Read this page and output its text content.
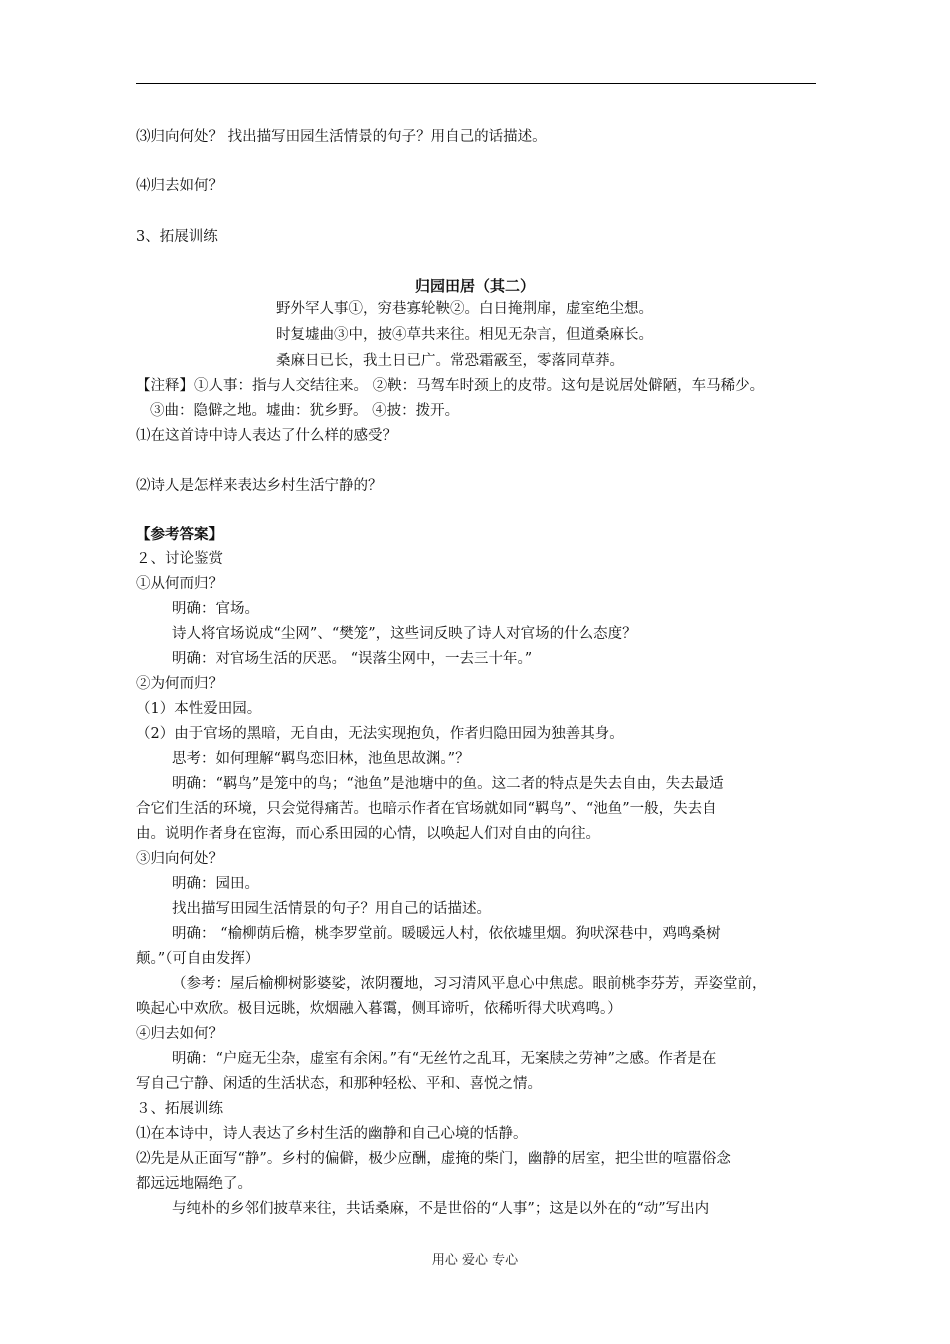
⑶归向何处？ 找出描写田园生活情景的句子？用自己的话描述。
⑷归去如何？
3、拓展训练
归园田居（其二）
野外罕人事①，穷巷寡轮鞅②。白日掩荆扉，虚室绝尘想。
时复墟曲③中，披④草共来往。相见无杂言，但道桑麻长。
桑麻日已长，我土日已广。常恐霜霰至，零落同草莽。
【注释】①人事：指与人交结往来。 ②鞅：马驾车时颈上的皮带。这句是说居处僻陋，车马稀少。
③曲：隐僻之地。墟曲：犹乡野。 ④披：拨开。
⑴在这首诗中诗人表达了什么样的感受？
⑵诗人是怎样来表达乡村生活宁静的？
【参考答案】
２、讨论鉴赏
①从何而归？
明确：官场。
诗人将官场说成“尘网”、“樊笼”，这些词反映了诗人对官场的什么态度？
明确：对官场生活的厌恶。 “误落尘网中，一去三十年。”
②为何而归？
（1）本性爱田园。
（2）由于官场的黑暗，无自由，无法实现抱负，作者归隐田园为独善其身。
思考：如何理解“羁鸟恋旧林，池鱼思故渊。”？
明确：“羁鸟”是笼中的鸟；“池鱼”是池塘中的鱼。这二者的特点是失去自由，失去最适
合它们生活的环境，只会觉得痛苦。也暗示作者在官场就如同“羁鸟”、“池鱼”一般，失去自
由。说明作者身在宦海，而心系田园的心情，以唤起人们对自由的向往。
③归向何处？
明确：园田。
找出描写田园生活情景的句子？用自己的话描述。
明确： “榆柳荫后檐，桃李罗堂前。暖暖远人村，依依墟里烟。狗吠深巷中，鸡鸣桑树
颠。”（可自由发挥）
（参考：屋后榆柳树影婆娑，浓阴覆地，习习清风平息心中焦虑。眼前桃李芬芳，弄姿堂前，
唤起心中欢欣。极目远眺，炊烟融入暮霭，侧耳谛听，依稀听得犬吠鸡鸣。）
④归去如何？
明确：“户庭无尘杂，虚室有余闲。”有“无丝竹之乱耳，无案牍之劳神”之感。作者是在
写自己宁静、闲适的生活状态，和那种轻松、平和、喜悦之情。
３、拓展训练
⑴在本诗中，诗人表达了乡村生活的幽静和自己心境的恬静。
⑵先是从正面写“静”。乡村的偏僻，极少应酬，虚掩的柴门，幽静的居室，把尘世的喧嚣俗念
都远远地隔绝了。
与纯朴的乡邻们披草来往，共话桑麻，不是世俗的“人事”；这是以外在的“动”写出内
用心 爱心 专心
